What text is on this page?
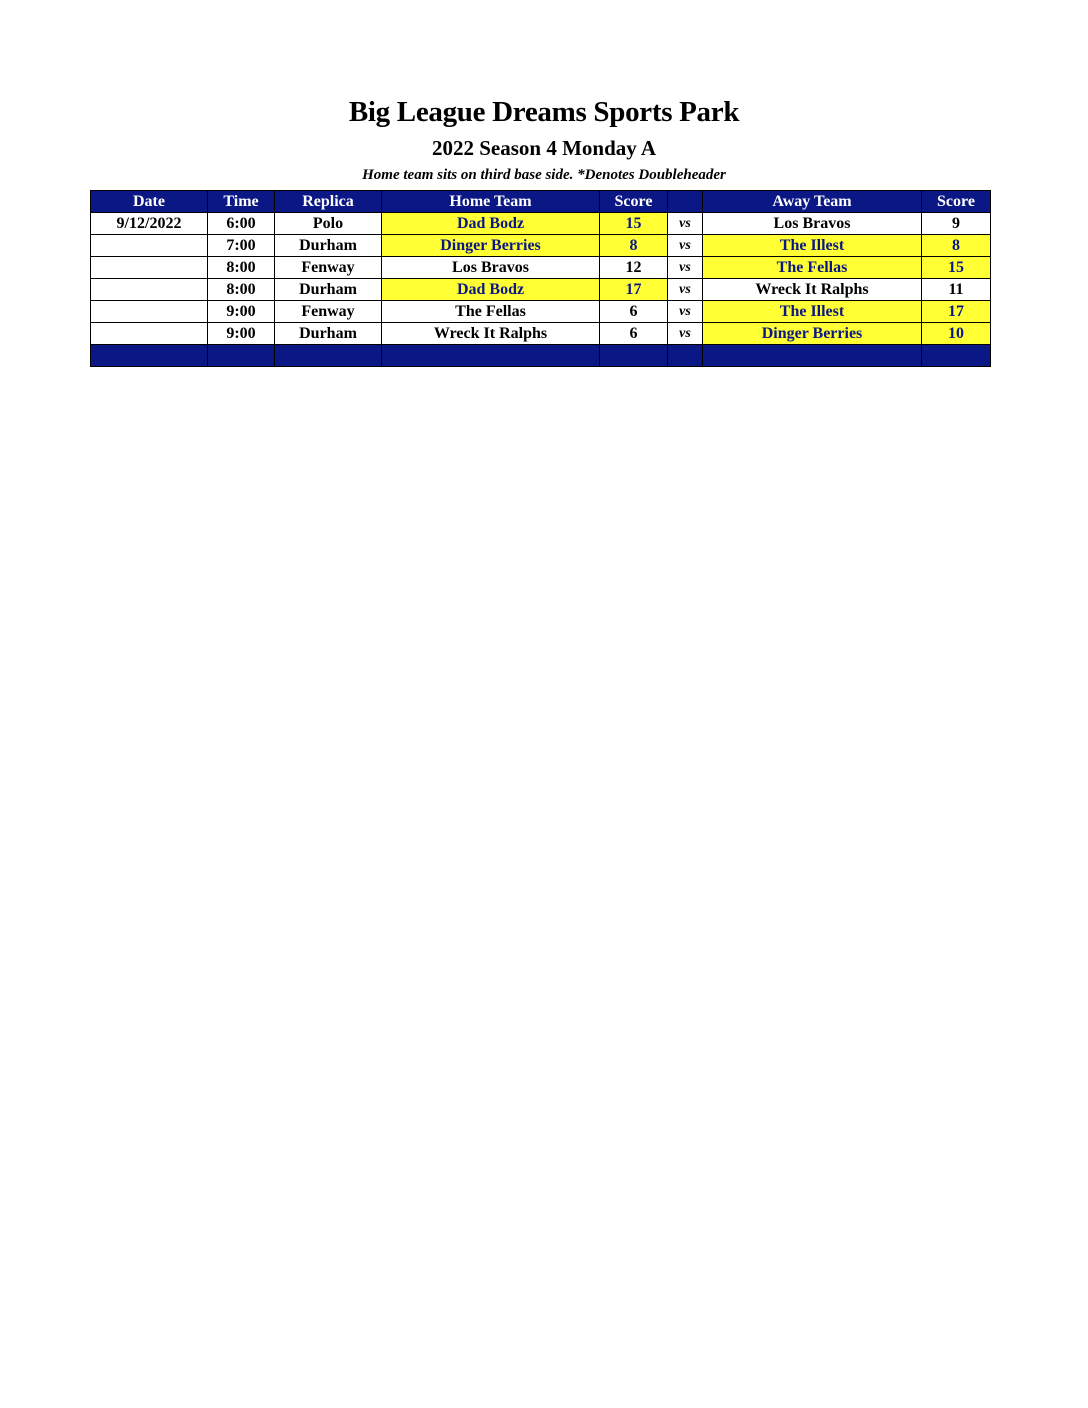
Big League Dreams Sports Park
2022 Season 4 Monday A
Home team sits on third base side. *Denotes Doubleheader
Date	Time	Replica	Home Team	Score		Away Team	Score
9/12/2022	6:00	Polo	Dad Bodz	15	vs	Los Bravos	9
	7:00	Durham	Dinger Berries	8	vs	The Illest	8
	8:00	Fenway	Los Bravos	12	vs	The Fellas	15
	8:00	Durham	Dad Bodz	17	vs	Wreck It Ralphs	11
	9:00	Fenway	The Fellas	6	vs	The Illest	17
	9:00	Durham	Wreck It Ralphs	6	vs	Dinger Berries	10
